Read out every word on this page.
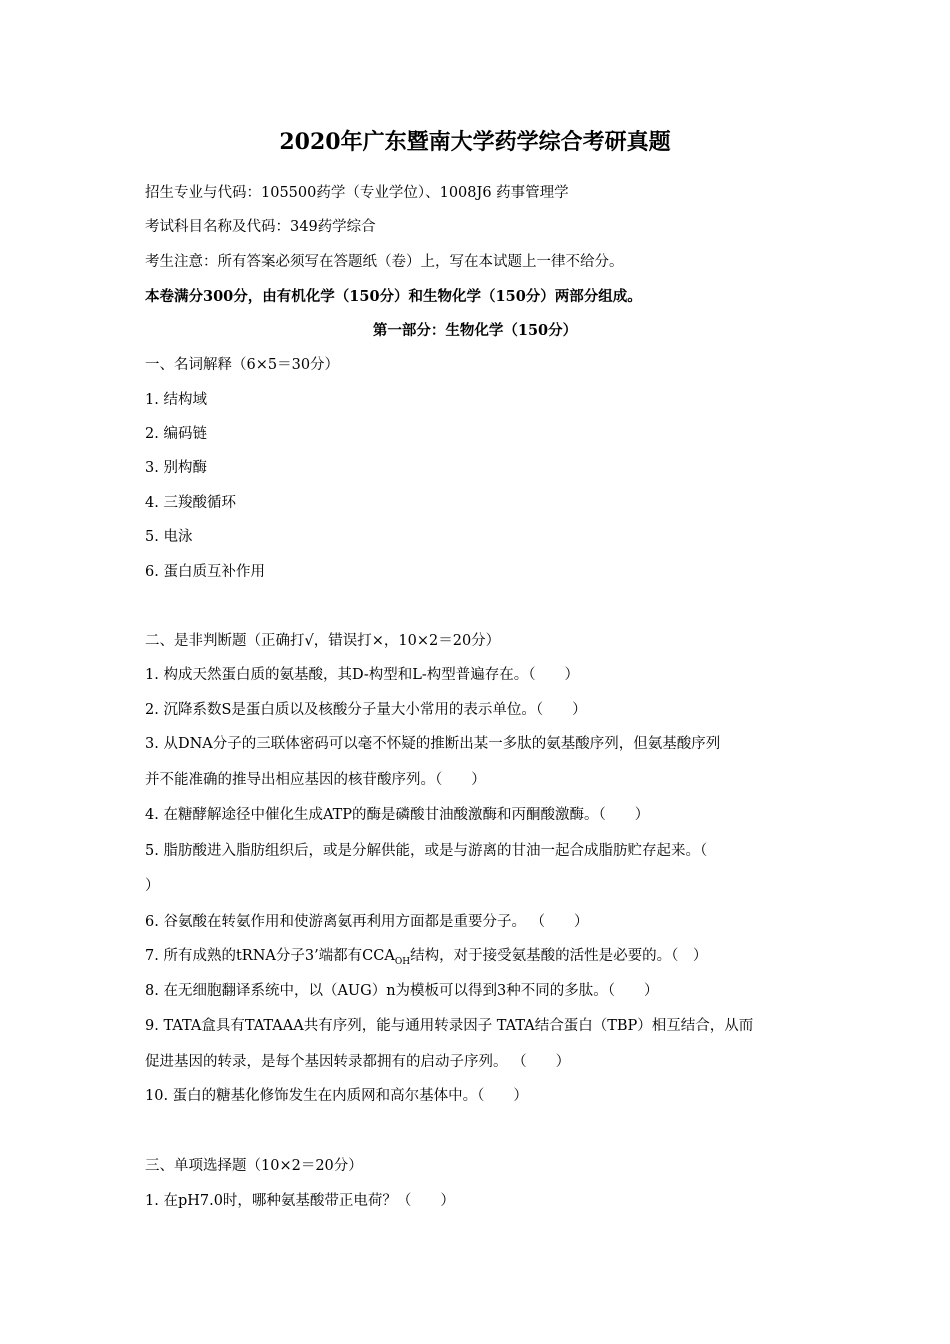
2020年广东暨南大学药学综合考研真题
招生专业与代码：105500药学（专业学位）、1008J6 药事管理学
考试科目名称及代码：349药学综合
考生注意：所有答案必须写在答题纸（卷）上，写在本试题上一律不给分。
本卷满分300分，由有机化学（150分）和生物化学（150分）两部分组成。
第一部分：生物化学（150分）
一、名词解释（6×5＝30分）
1. 结构域
2. 编码链
3. 别构酶
4. 三羧酸循环
5. 电泳
6. 蛋白质互补作用
二、是非判断题（正确打√，错误打×，10×2＝20分）
1. 构成天然蛋白质的氨基酸，其D-构型和L-构型普遍存在。（　　）
2. 沉降系数S是蛋白质以及核酸分子量大小常用的表示单位。（　　）
3. 从DNA分子的三联体密码可以毫不怀疑的推断出某一多肽的氨基酸序列，但氨基酸序列
并不能准确的推导出相应基因的核苷酸序列。（　　）
4. 在糖酵解途径中催化生成ATP的酶是磷酸甘油酸激酶和丙酮酸激酶。（　　）
5. 脂肪酸进入脂肪组织后，或是分解供能，或是与游离的甘油一起合成脂肪贮存起来。（
）
6. 谷氨酸在转氨作用和使游离氨再利用方面都是重要分子。 （　　）
7. 所有成熟的tRNA分子3’端都有$CCA_{OH}$结构，对于接受氨基酸的活性是必要的。（　）
8. 在无细胞翻译系统中，以（AUG）n为模板可以得到3种不同的多肽。（　　）
9. TATA盒具有TATAAA共有序列，能与通用转录因子 TATA结合蛋白（TBP）相互结合，从而
促进基因的转录，是每个基因转录都拥有的启动子序列。 （　　）
10. 蛋白的糖基化修饰发生在内质网和高尔基体中。（　　）
三、单项选择题（10×2＝20分）
1. 在pH7.0时，哪种氨基酸带正电荷？（　　）
